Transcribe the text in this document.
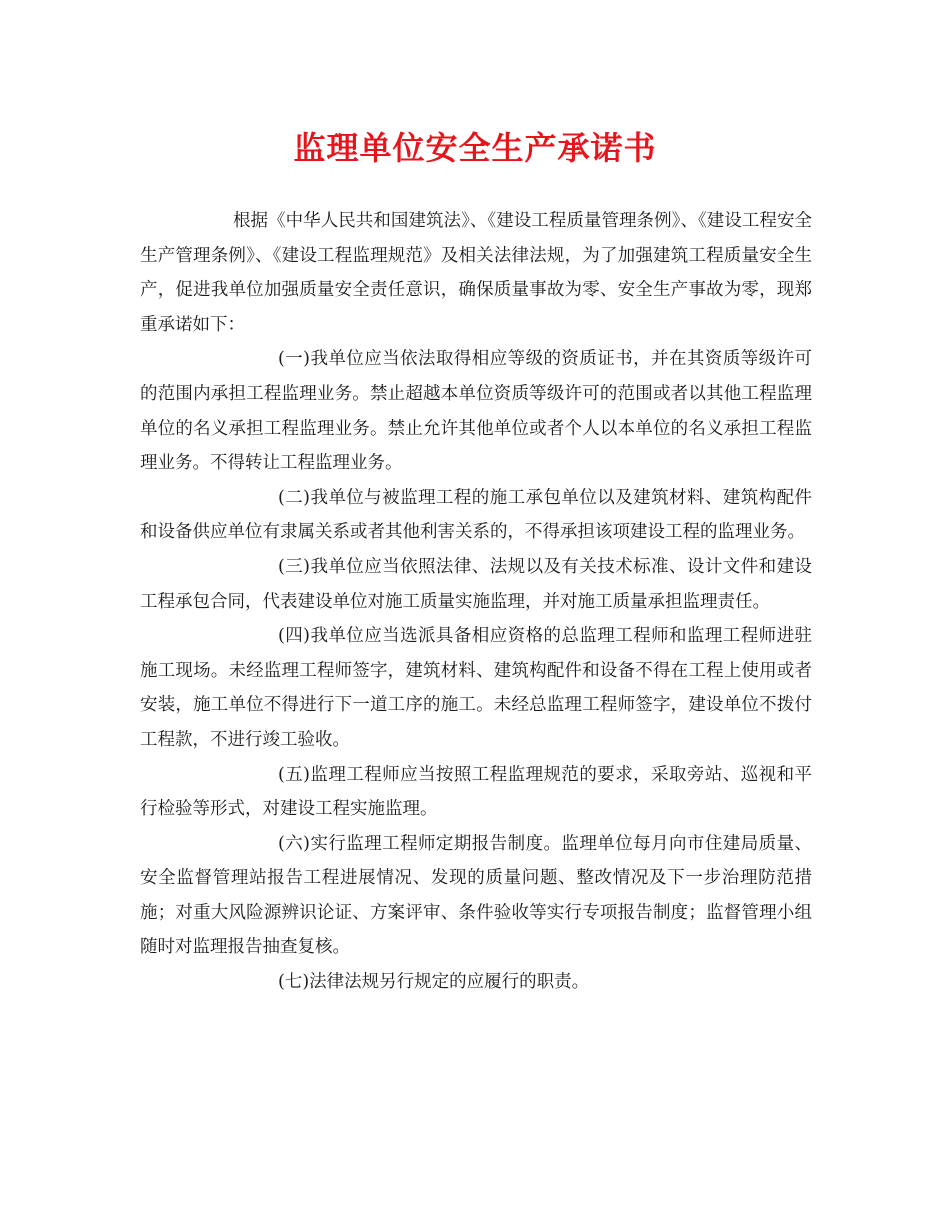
监理单位安全生产承诺书

根据《中华人民共和国建筑法》、《建设工程质量管理条例》、《建设工程安全生产管理条例》、《建设工程监理规范》及相关法律法规，为了加强建筑工程质量安全生产，促进我单位加强质量安全责任意识，确保质量事故为零、安全生产事故为零，现郑重承诺如下：

(一)我单位应当依法取得相应等级的资质证书，并在其资质等级许可的范围内承担工程监理业务。禁止超越本单位资质等级许可的范围或者以其他工程监理单位的名义承担工程监理业务。禁止允许其他单位或者个人以本单位的名义承担工程监理业务。不得转让工程监理业务。

(二)我单位与被监理工程的施工承包单位以及建筑材料、建筑构配件和设备供应单位有隶属关系或者其他利害关系的，不得承担该项建设工程的监理业务。

(三)我单位应当依照法律、法规以及有关技术标准、设计文件和建设工程承包合同，代表建设单位对施工质量实施监理，并对施工质量承担监理责任。

(四)我单位应当选派具备相应资格的总监理工程师和监理工程师进驻施工现场。未经监理工程师签字，建筑材料、建筑构配件和设备不得在工程上使用或者安装，施工单位不得进行下一道工序的施工。未经总监理工程师签字，建设单位不拨付工程款，不进行竣工验收。

(五)监理工程师应当按照工程监理规范的要求，采取旁站、巡视和平行检验等形式，对建设工程实施监理。

(六)实行监理工程师定期报告制度。监理单位每月向市住建局质量、安全监督管理站报告工程进展情况、发现的质量问题、整改情况及下一步治理防范措施；对重大风险源辨识论证、方案评审、条件验收等实行专项报告制度；监督管理小组随时对监理报告抽查复核。

(七)法律法规另行规定的应履行的职责。
